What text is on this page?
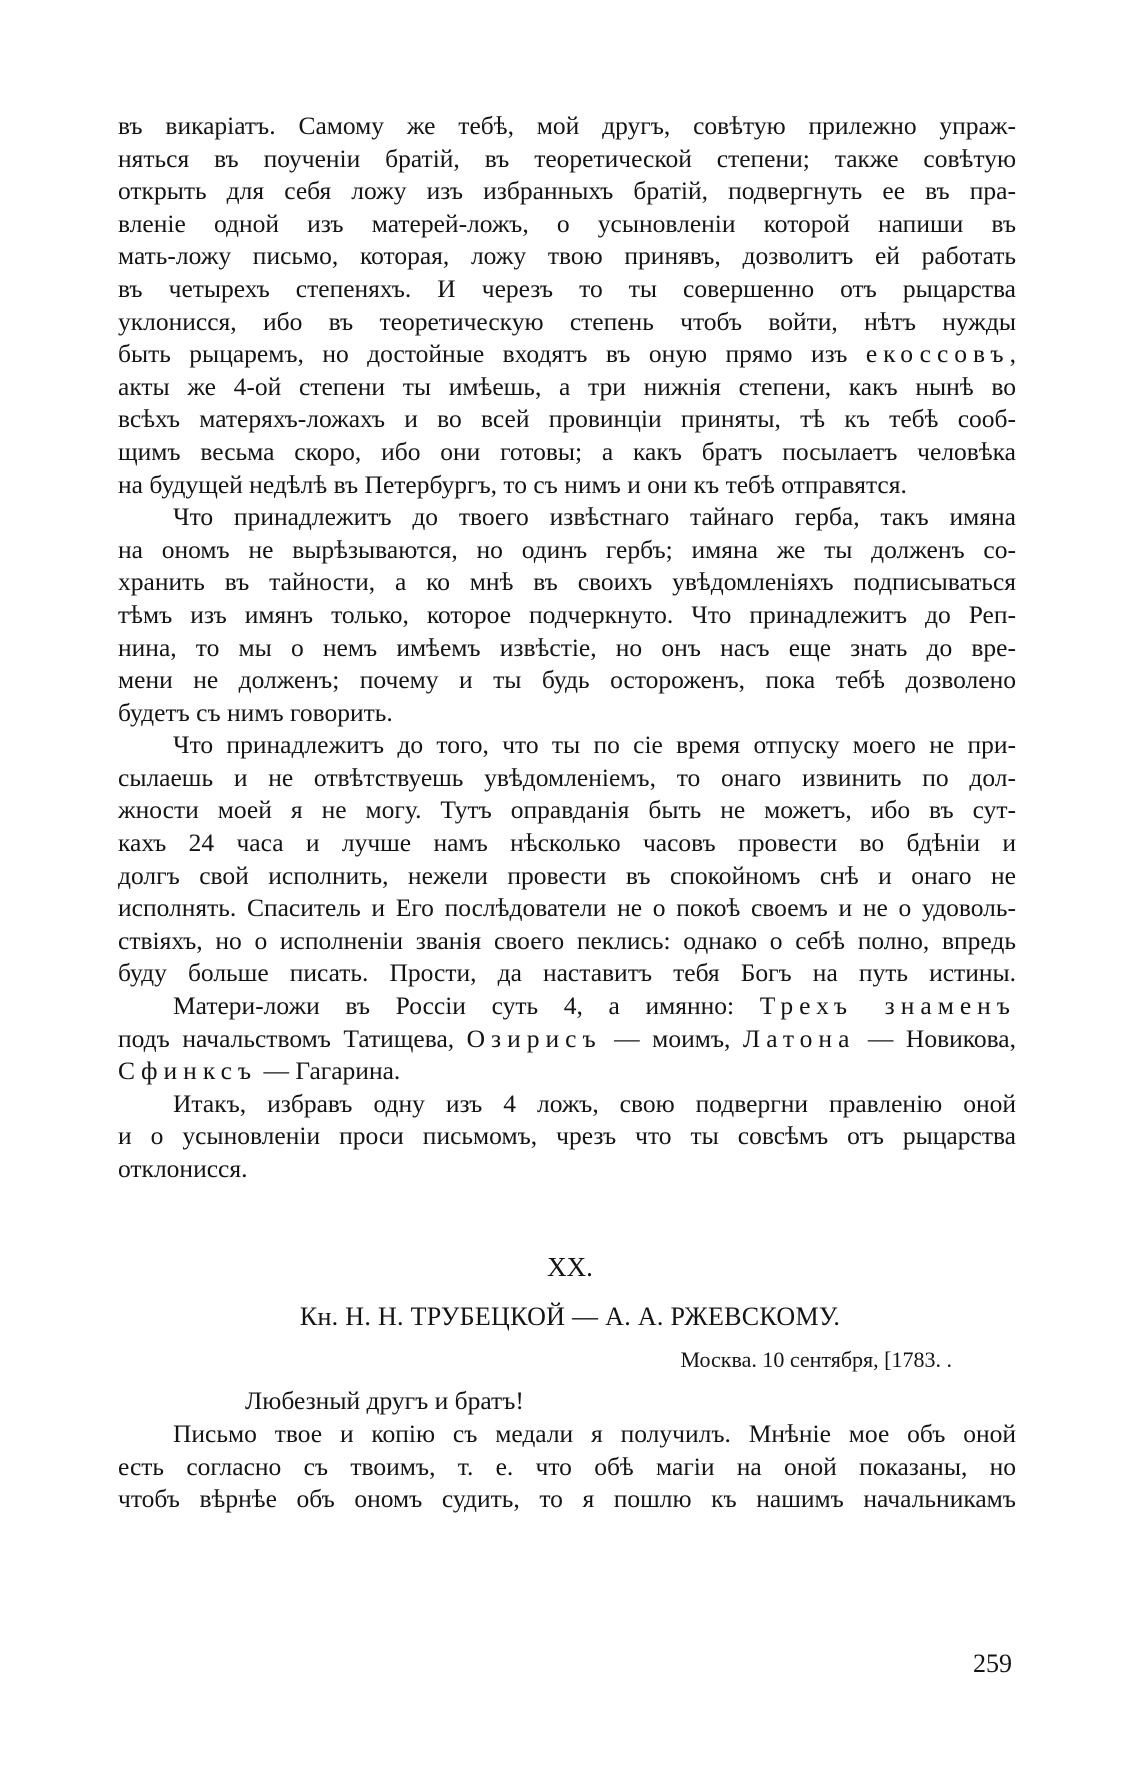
въ викаріатъ. Самому же тебѣ, мой другъ, совѣтую прилежно упраж-

няться въ поученіи братій, въ теоретической степени; также совѣтую

открыть для себя ложу изъ избранныхъ братій, подвергнуть ее въ пра-

вленіе одной изъ матерей-ложъ, о усыновленіи которой напиши въ

мать-ложу письмо, которая, ложу твою принявъ, дозволитъ ей работать

въ четырехъ степеняхъ. И черезъ то ты совершенно отъ рыцарства

уклонисся, ибо въ теоретическую степень чтобъ войти, нѣтъ нужды

быть рыцаремъ, но достойные входятъ въ оную прямо изъ екоссовъ,

акты же 4-ой степени ты имѣешь, а три нижнія степени, какъ нынѣ во

всѣхъ матеряхъ-ложахъ и во всей провинціи приняты, тѣ къ тебѣ сооб-

щимъ весьма скоро, ибо они готовы; а какъ братъ посылаетъ человѣка

на будущей недѣлѣ въ Петербургъ, то съ нимъ и они къ тебѣ отправятся.

Что принадлежитъ до твоего извѣстнаго тайнаго герба, такъ имяна

на ономъ не вырѣзываются, но одинъ гербъ; имяна же ты долженъ со-

хранить въ тайности, а ко мнѣ въ своихъ увѣдомленіяхъ подписываться

тѣмъ изъ имянъ только, которое подчеркнуто. Что принадлежитъ до Реп-

нина, то мы о немъ имѣемъ извѣстіе, но онъ насъ еще знать до вре-

мени не долженъ; почему и ты будь остороженъ, пока тебѣ дозволено

будетъ съ нимъ говорить.

Что принадлежитъ до того, что ты по сіе время отпуску моего не при-

сылаешь и не отвѣтствуешь увѣдомленіемъ, то онаго извинить по дол-

жности моей я не могу. Тутъ оправданія быть не можетъ, ибо въ сут-

кахъ 24 часа и лучше намъ нѣсколько часовъ провести во бдѣніи и

долгъ свой исполнить, нежели провести въ спокойномъ снѣ и онаго не

исполнять. Спаситель и Его послѣдователи не о покоѣ своемъ и не о удоволь-

ствіяхъ, но о исполненіи званія своего пеклись: однако о себѣ полно, впредь

буду больше писать. Прости, да наставитъ тебя Богъ на путь истины.

Матери-ложи въ Россіи суть 4, а имянно: Трехъ знаменъ

подъ начальствомъ Татищева, Озирисъ — моимъ, Латона — Новикова,

Сфинксъ — Гагарина.

Итакъ, избравъ одну изъ 4 ложъ, свою подвергни правленію оной

и о усыновленіи проси письмомъ, чрезъ что ты совсѣмъ отъ рыцарства

отклонисся.

XX.

Кн. Н. Н. ТРУБЕЦКОЙ — А. А. РЖЕВСКОМУ.

Москва. 10 сентября, [1783. .

Любезный другъ и братъ!

Письмо твое и копію съ медали я получилъ. Мнѣніе мое объ оной

есть согласно съ твоимъ, т. е. что обѣ магіи на оной показаны, но

чтобъ вѣрнѣе объ ономъ судить, то я пошлю къ нашимъ начальникамъ

259
